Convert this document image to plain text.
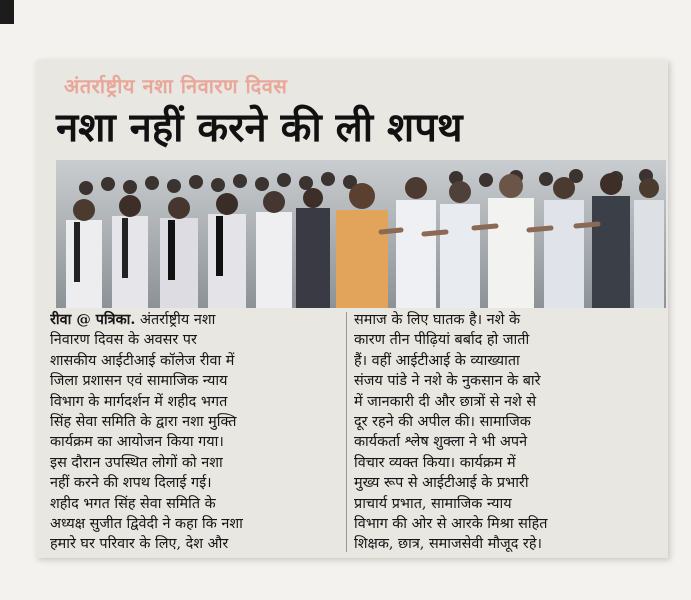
अंतर्राष्ट्रीय नशा निवारण दिवस
नशा नहीं करने की ली शपथ
रीवा @ पत्रिका. अंतर्राष्ट्रीय नशा
निवारण दिवस के अवसर पर
शासकीय आईटीआई कॉलेज रीवा में
जिला प्रशासन एवं सामाजिक न्याय
विभाग के मार्गदर्शन में शहीद भगत
सिंह सेवा समिति के द्वारा नशा मुक्ति
कार्यक्रम का आयोजन किया गया।
इस दौरान उपस्थित लोगों को नशा
नहीं करने की शपथ दिलाई गई।
शहीद भगत सिंह सेवा समिति के
अध्यक्ष सुजीत द्विवेदी ने कहा कि नशा
हमारे घर परिवार के लिए, देश और
समाज के लिए घातक है। नशे के
कारण तीन पीढ़ियां बर्बाद हो जाती
हैं। वहीं आईटीआई के व्याख्याता
संजय पांडे ने नशे के नुकसान के बारे
में जानकारी दी और छात्रों से नशे से
दूर रहने की अपील की। सामाजिक
कार्यकर्ता श्लेष शुक्ला ने भी अपने
विचार व्यक्त किया। कार्यक्रम में
मुख्य रूप से आईटीआई के प्रभारी
प्राचार्य प्रभात, सामाजिक न्याय
विभाग की ओर से आरके मिश्रा सहित
शिक्षक, छात्र, समाजसेवी मौजूद रहे।
